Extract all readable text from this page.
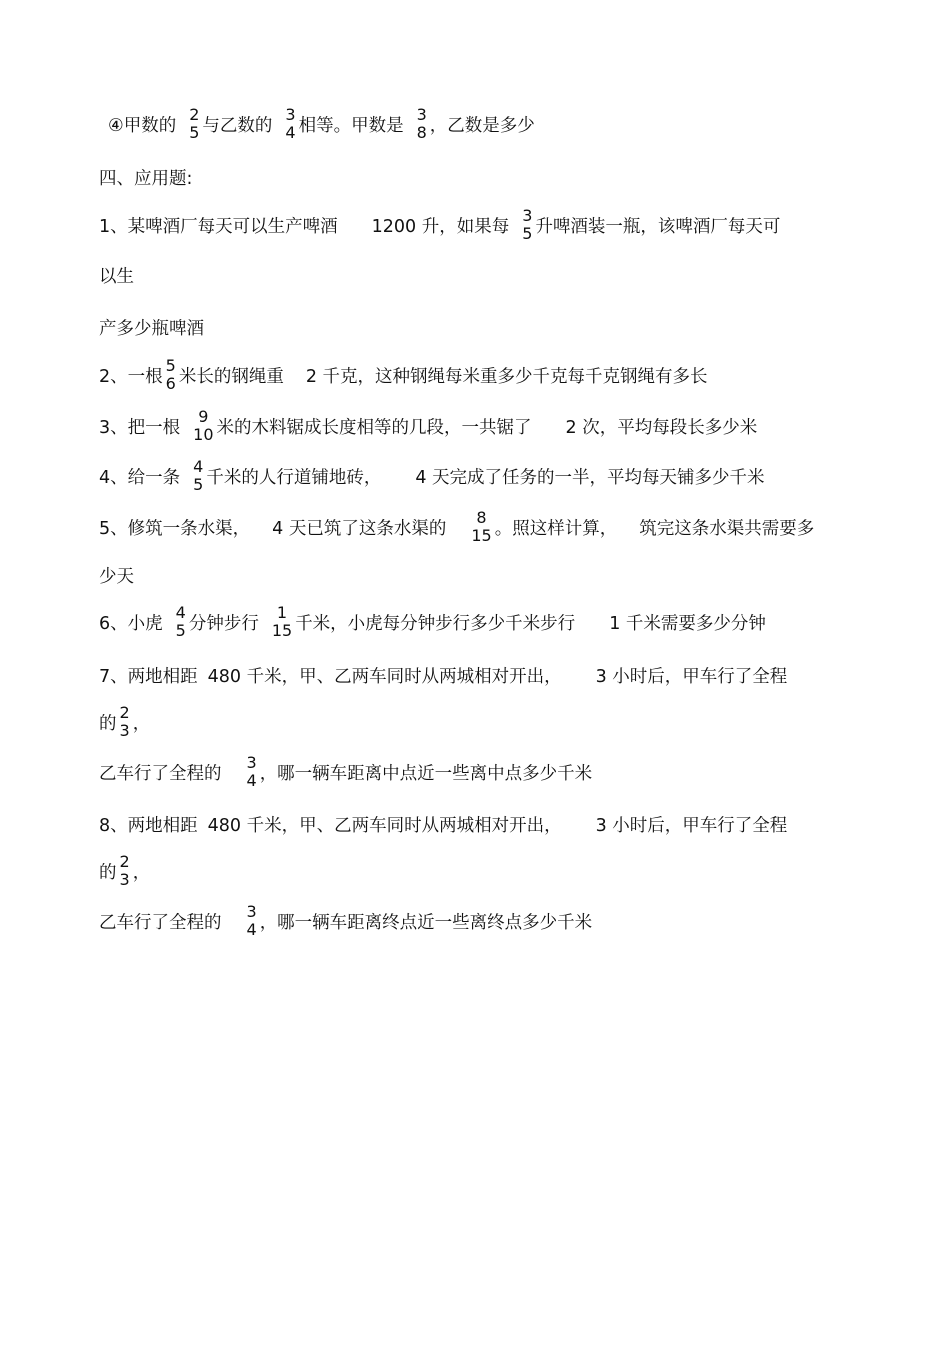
④甲数的
2
5 与乙数的
3
4 相等。甲数是
3
8 ，乙数是多少
四、应用题:
1、某啤酒厂每天可以生产啤酒 1200 升，如果每
3
5 升啤酒装一瓶，该啤酒厂每天可
以生
产多少瓶啤酒
2、一根
5
6 米长的钢绳重 2 千克，这种钢绳每米重多少千克每千克钢绳有多长
3、把一根
9
10 米的木料锯成长度相等的几段，一共锯了 2 次，平均每段长多少米
4、给一条
4
5 千米的人行道铺地砖， 4 天完成了任务的一半，平均每天铺多少千米
5、修筑一条水渠， 4 天已筑了这条水渠的
8
15 。照这样计算， 筑完这条水渠共需要多
少天
6、小虎
4
5 分钟步行
1
15 千米，小虎每分钟步行多少千米步行 1 千米需要多少分钟
7、两地相距 480 千米，甲、乙两车同时从两城相对开出， 3 小时后，甲车行了全程
的
2
3 ，
乙车行了全程的
3
4 ，哪一辆车距离中点近一些离中点多少千米
8、两地相距 480 千米，甲、乙两车同时从两城相对开出， 3 小时后，甲车行了全程
的
2
3 ，
乙车行了全程的
3
4 ，哪一辆车距离终点近一些离终点多少千米
